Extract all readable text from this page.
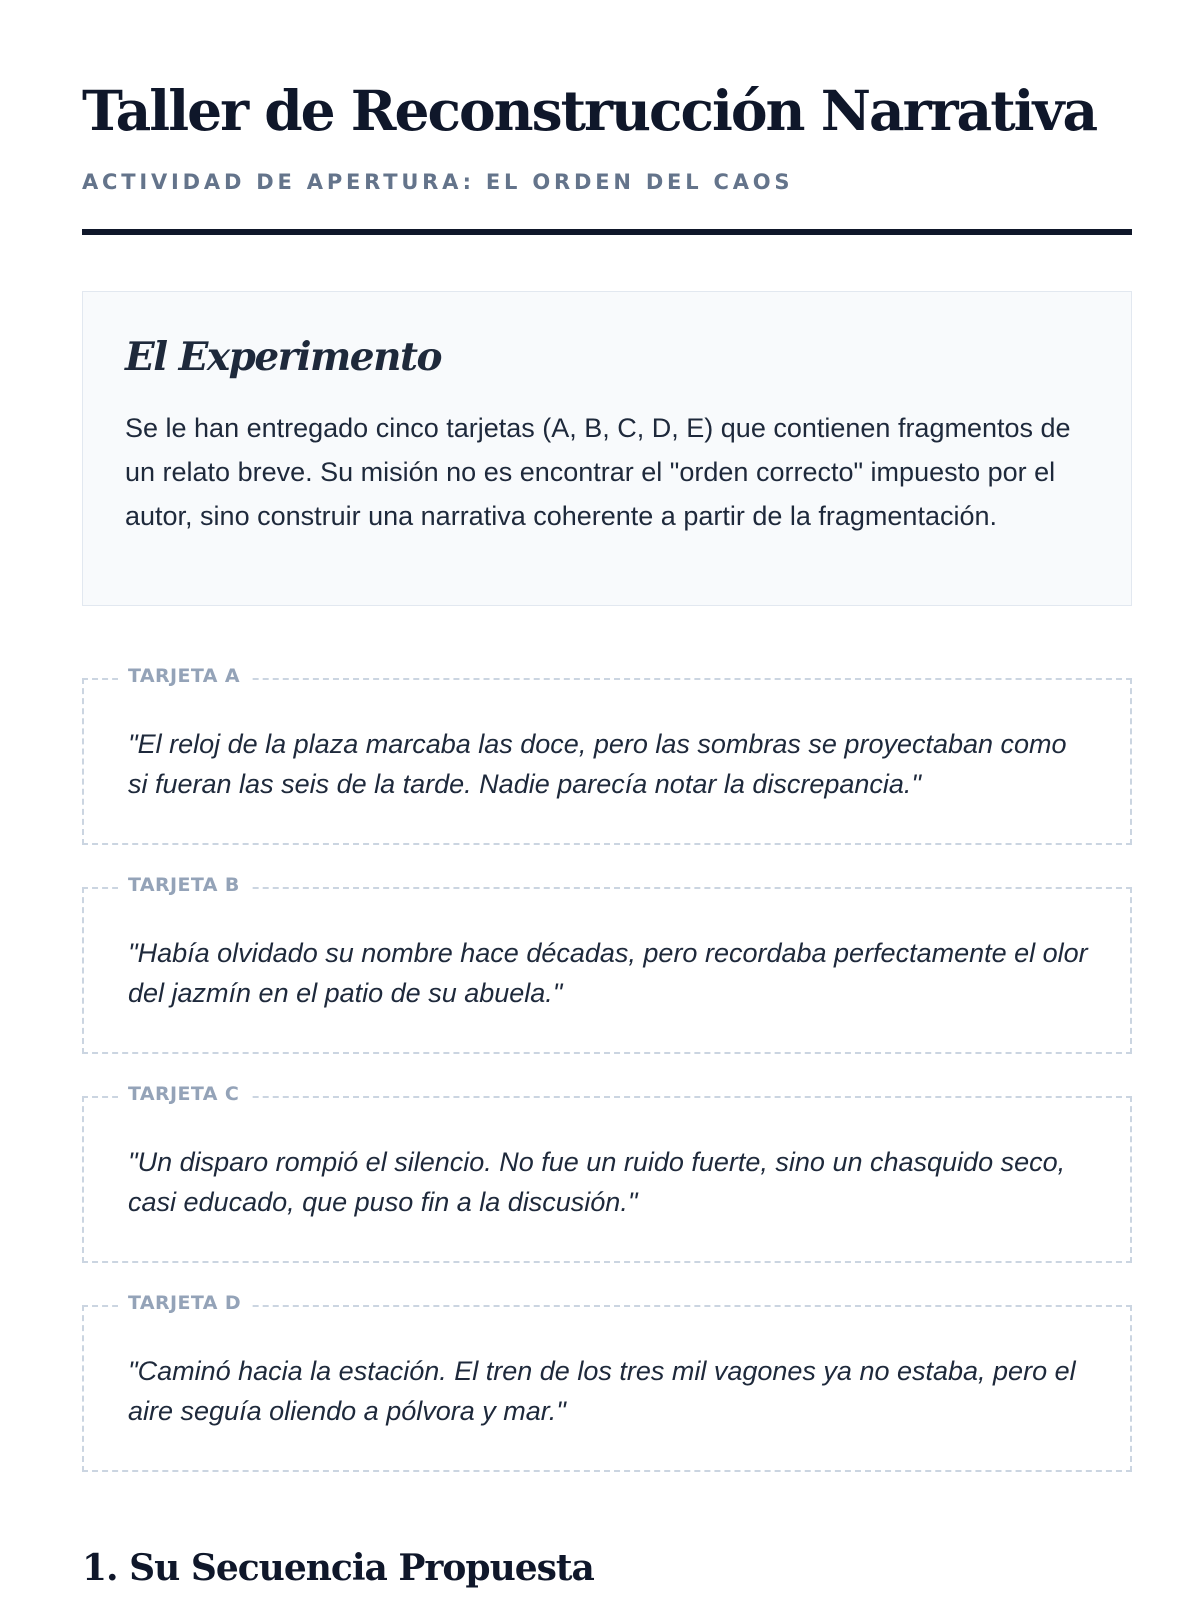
Taller de Reconstrucción Narrativa
ACTIVIDAD DE APERTURA: EL ORDEN DEL CAOS
El Experimento

Se le han entregado cinco tarjetas (A, B, C, D, E) que contienen fragmentos de un relato breve. Su misión no es encontrar el "orden correcto" impuesto por el autor, sino construir una narrativa coherente a partir de la fragmentación.

TARJETA A

"El reloj de la plaza marcaba las doce, pero las sombras se proyectaban como si fueran las seis de la tarde. Nadie parecía notar la discrepancia."

TARJETA B

"Había olvidado su nombre hace décadas, pero recordaba perfectamente el olor del jazmín en el patio de su abuela."

TARJETA C

"Un disparo rompió el silencio. No fue un ruido fuerte, sino un chasquido seco, casi educado, que puso fin a la discusión."

TARJETA D

"Caminó hacia la estación. El tren de los tres mil vagones ya no estaba, pero el aire seguía oliendo a pólvora y mar."

1. Su Secuencia Propuesta
